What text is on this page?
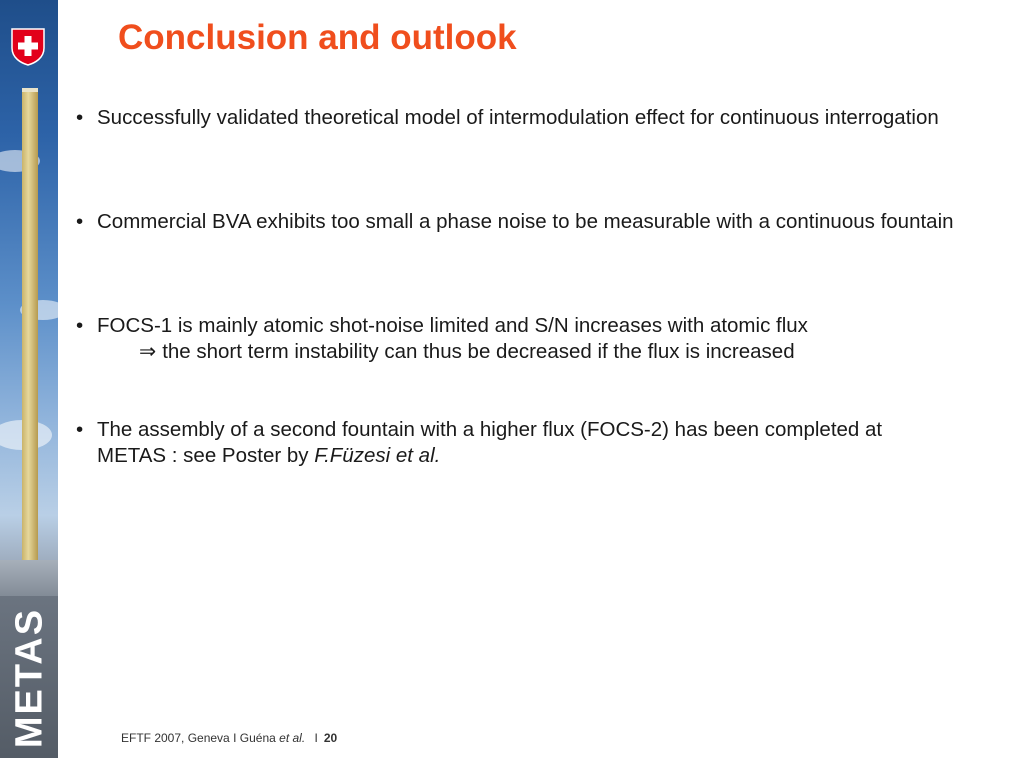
METAS
Conclusion and outlook
• Successfully validated theoretical model of intermodulation effect for continuous interrogation
• Commercial BVA exhibits too small a phase noise to be measurable with a continuous fountain
• FOCS-1 is mainly atomic shot-noise limited and S/N increases with atomic flux
⇒ the short term instability can thus be decreased if the flux is increased
• The assembly of a second fountain with a higher flux (FOCS-2) has been completed at METAS : see Poster by F.Füzesi et al.
EFTF 2007, Geneva I Guéna et al. I 20
